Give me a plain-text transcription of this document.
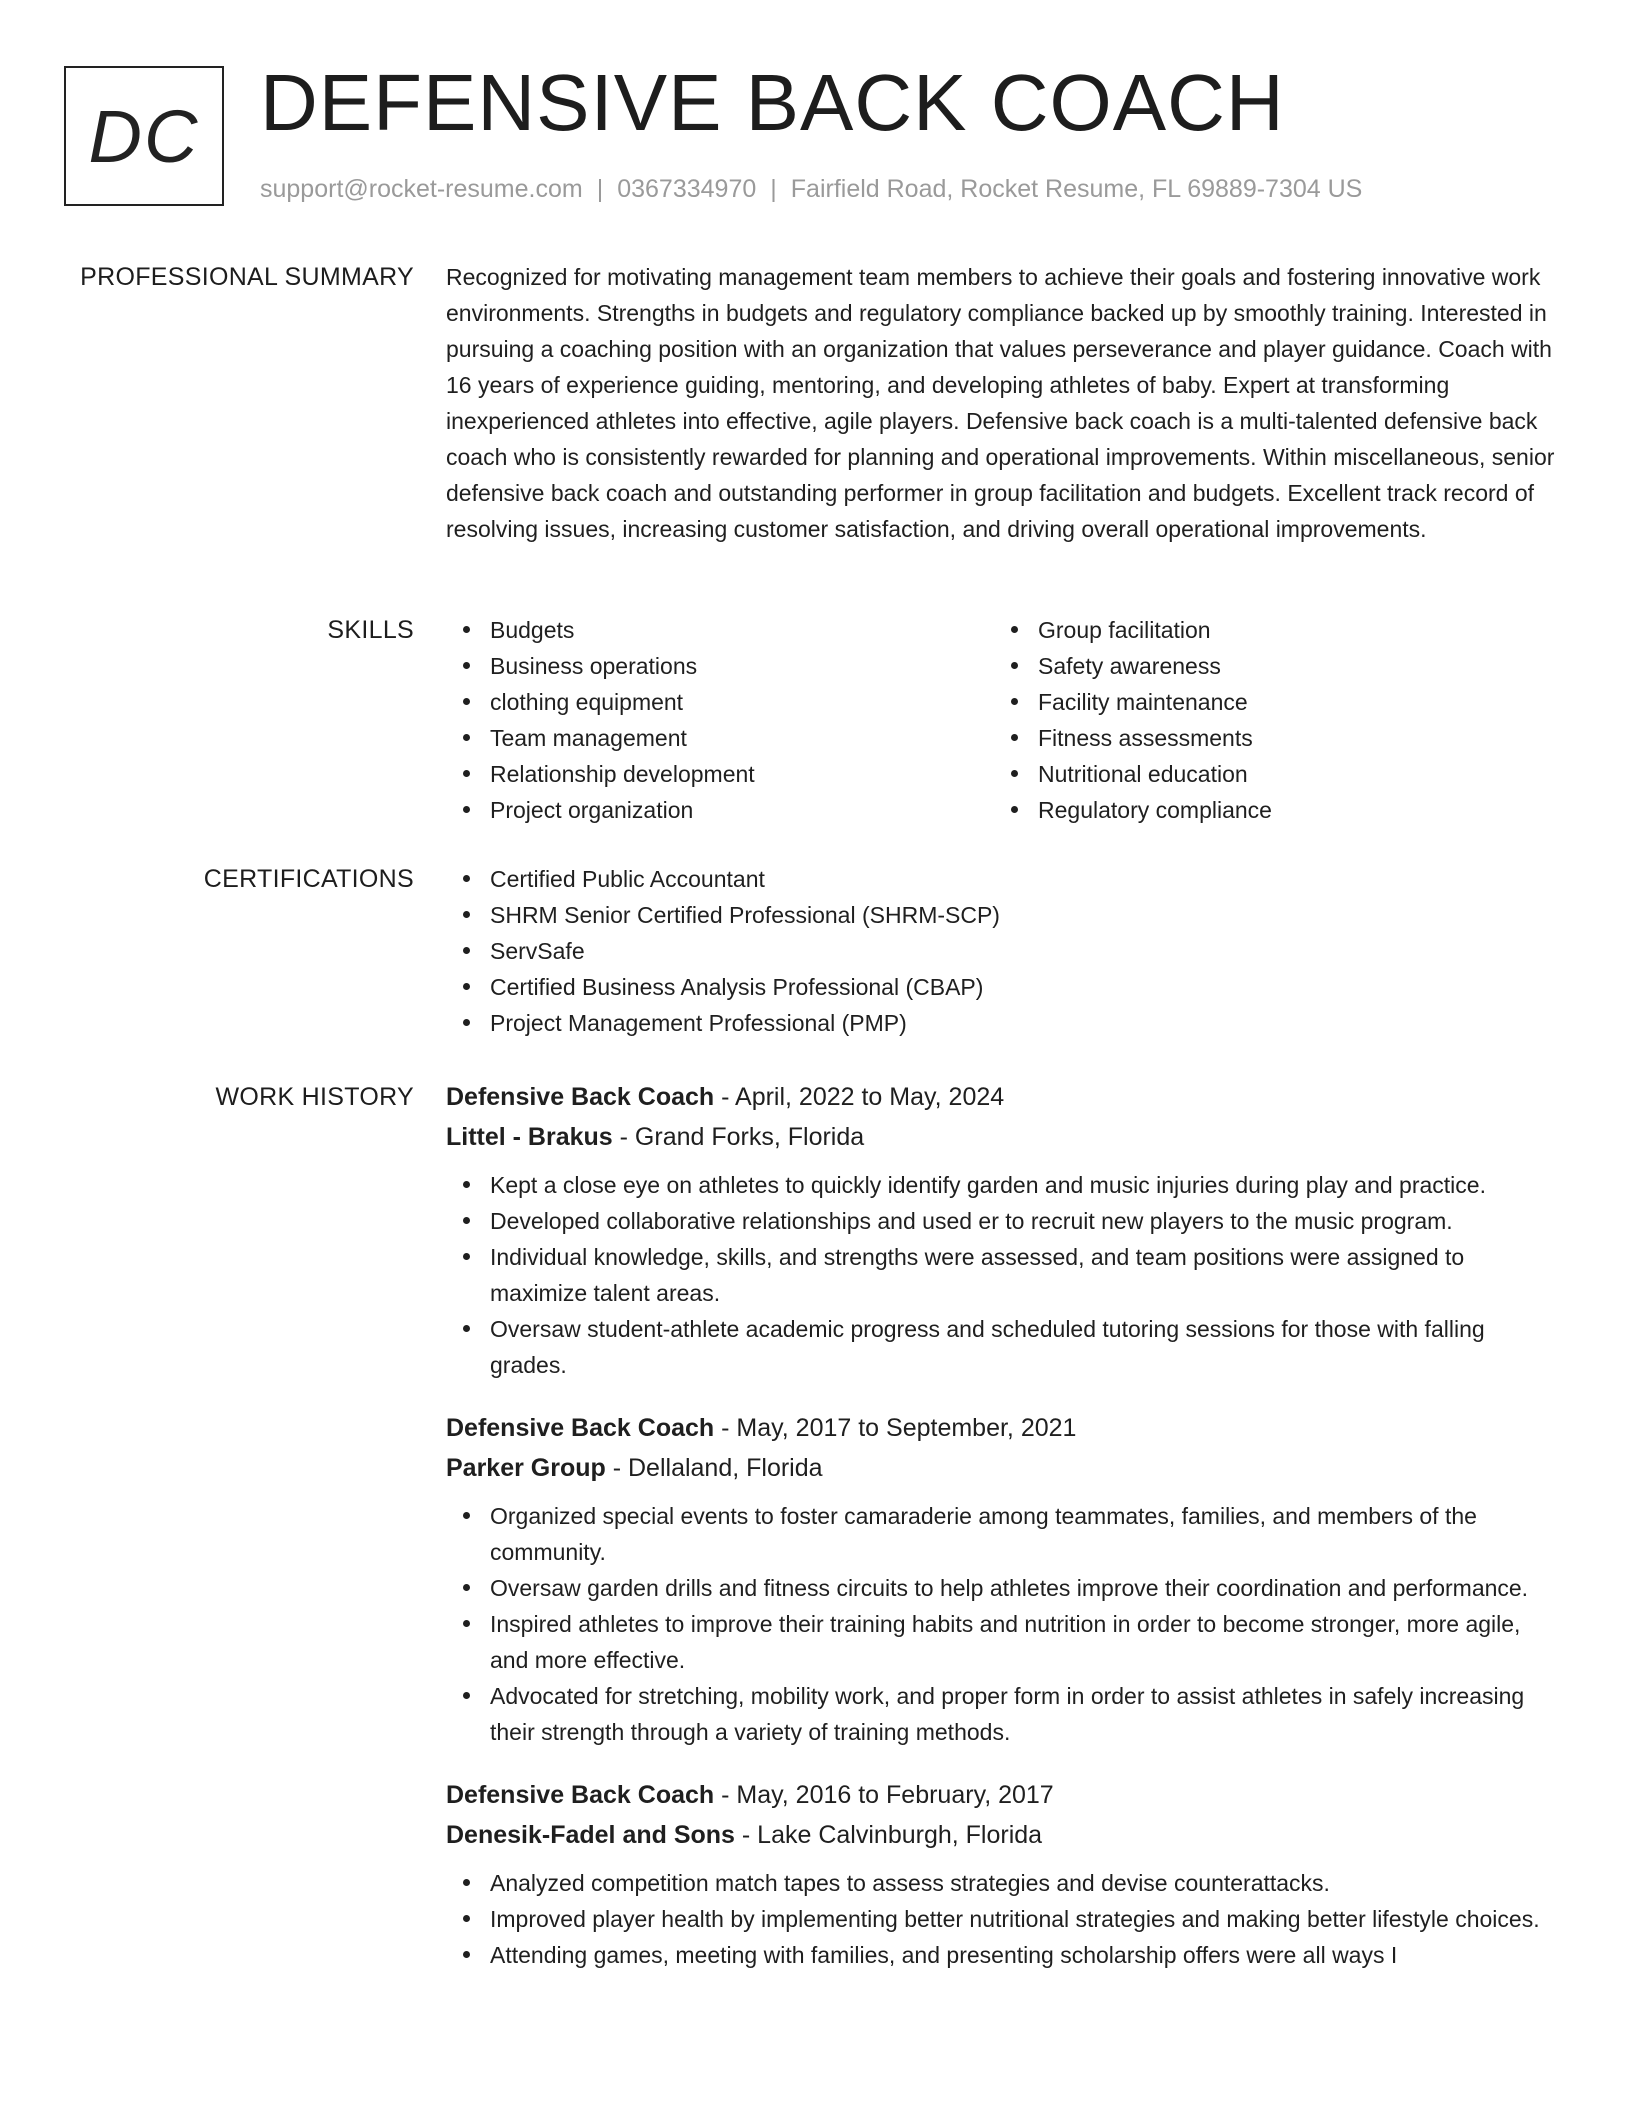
DC DEFENSIVE BACK COACH
support@rocket-resume.com | 0367334970 | Fairfield Road, Rocket Resume, FL 69889-7304 US
PROFESSIONAL SUMMARY Recognized for motivating management team members to achieve their goals and fostering innovative work environments. Strengths in budgets and regulatory compliance backed up by smoothly training. Interested in pursuing a coaching position with an organization that values perseverance and player guidance. Coach with 16 years of experience guiding, mentoring, and developing athletes of baby. Expert at transforming inexperienced athletes into effective, agile players. Defensive back coach is a multi-talented defensive back coach who is consistently rewarded for planning and operational improvements. Within miscellaneous, senior defensive back coach and outstanding performer in group facilitation and budgets. Excellent track record of resolving issues, increasing customer satisfaction, and driving overall operational improvements.

SKILLS	Budgets
Business operations
clothing equipment
Team management
Relationship development
Project organization
Group facilitation
Safety awareness
Facility maintenance
Fitness assessments
Nutritional education
Regulatory compliance
CERTIFICATIONS	Certified Public Accountant
SHRM Senior Certified Professional (SHRM-SCP)
ServSafe
Certified Business Analysis Professional (CBAP)
Project Management Professional (PMP)
WORK HISTORY Defensive Back Coach - April, 2022 to May, 2024
Littel - Brakus - Grand Forks, Florida
Kept a close eye on athletes to quickly identify garden and music injuries during play and practice.
Developed collaborative relationships and used er to recruit new players to the music program.
Individual knowledge, skills, and strengths were assessed, and team positions were assigned to maximize talent areas.
Oversaw student-athlete academic progress and scheduled tutoring sessions for those with falling grades.
Defensive Back Coach - May, 2017 to September, 2021
Parker Group - Dellaland, Florida
Organized special events to foster camaraderie among teammates, families, and members of the community.
Oversaw garden drills and fitness circuits to help athletes improve their coordination and performance.
Inspired athletes to improve their training habits and nutrition in order to become stronger, more agile, and more effective.
Advocated for stretching, mobility work, and proper form in order to assist athletes in safely increasing their strength through a variety of training methods.
Defensive Back Coach - May, 2016 to February, 2017
Denesik-Fadel and Sons - Lake Calvinburgh, Florida
Analyzed competition match tapes to assess strategies and devise counterattacks.
Improved player health by implementing better nutritional strategies and making better lifestyle choices.
Attending games, meeting with families, and presenting scholarship offers were all ways I
